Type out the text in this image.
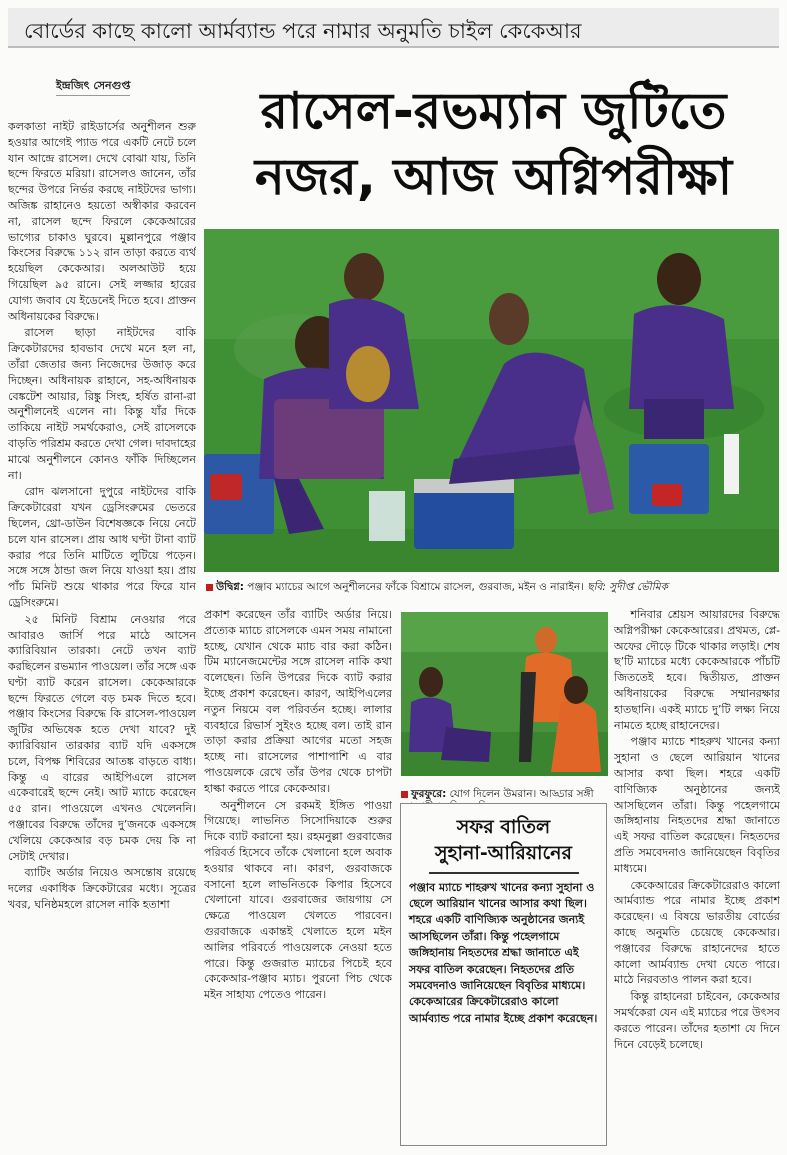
বোর্ডের কাছে কালো আর্মব্যান্ড পরে নামার অনুমতি চাইল কেকেআর
ইন্দ্রজিৎ সেনগুপ্ত	রাসেল-রভম্যান জুটিতে
নজর, আজ অগ্নিপরীক্ষা

কলকাতা নাইট রাইডার্সের অনুশীলন শুরু হওয়ার আগেই প্যাড পরে একটি নেটে চলে যান আন্দ্রে রাসেল। দেখে বোঝা যায়, তিনি ছন্দে ফিরতে মরিয়া। রাসেলও জানেন, তাঁর ছন্দের উপরে নির্ভর করছে নাইটদের ভাগ্য। অজিঙ্ক রাহানেও হয়তো অস্বীকার করবেন না, রাসেল ছন্দে ফিরলে কেকেআরের ভাগ্যের চাকাও ঘুরবে। মুল্লানপুরে পঞ্জাব কিংসের বিরুদ্ধে ১১২ রান তাড়া করতে ব্যর্থ হয়েছিল কেকেআর। অলআউট হয়ে গিয়েছিল ৯৫ রানে। সেই লজ্জার হারের যোগ্য জবাব যে ইডেনেই দিতে হবে। প্রাক্তন অধিনায়কের বিরুদ্ধে।

রাসেল ছাড়া নাইটদের বাকি ক্রিকেটারদের হাবভাব দেখে মনে হল না, তাঁরা জেতার জন্য নিজেদের উজাড় করে দিচ্ছেন। অধিনায়ক রাহানে, সহ-অধিনায়ক বেঙ্কটেশ আয়ার, রিঙ্কু সিংহ, হর্ষিত রানা-রা অনুশীলনেই এলেন না। কিন্তু যাঁর দিকে তাকিয়ে নাইট সমর্থকেরাও, সেই রাসেলকে বাড়তি পরিশ্রম করতে দেখা গেল। দাবদাহের মাঝে অনুশীলনে কোনও ফাঁকি দিচ্ছিলেন না।

রোদ ঝলসানো দুপুরে নাইটদের বাকি ক্রিকেটারেরা যখন ড্রেসিংরুমের ভেতরে ছিলেন, থ্রো-ডাউন বিশেষজ্ঞকে নিয়ে নেটে চলে যান রাসেল। প্রায় আধ ঘণ্টা টানা ব্যাট করার পরে তিনি মাটিতে লুটিয়ে পড়েন। সঙ্গে সঙ্গে ঠান্ডা জল নিয়ে যাওয়া হয়। প্রায় পাঁচ মিনিট শুয়ে থাকার পরে ফিরে যান ড্রেসিংরুমে।

২৫ মিনিট বিশ্রাম নেওয়ার পরে আবারও জার্সি পরে মাঠে আসেন ক্যারিবিয়ান তারকা। নেটে তখন ব্যাট করছিলেন রভম্যান পাওয়েল। তাঁর সঙ্গে এক ঘণ্টা ব্যাট করেন রাসেল। কেকেআরকে ছন্দে ফিরতে গেলে বড় চমক দিতে হবে। পঞ্জাব কিংসের বিরুদ্ধে কি রাসেল-পাওয়েল জুটির অভিষেক হতে দেখা যাবে? দুই ক্যারিবিয়ান তারকার ব্যাট যদি একসঙ্গে চলে, বিপক্ষ শিবিরের আতঙ্ক বাড়তে বাধ্য। কিন্তু এ বারের আইপিএলে রাসেল একেবারেই ছন্দে নেই। আট ম্যাচে করেছেন ৫৫ রান। পাওয়েলে এখনও খেলেননি। পঞ্জাবের বিরুদ্ধে তাঁদের দু’জনকে একসঙ্গে খেলিয়ে কেকেআর বড় চমক দেয় কি না সেটাই দেখার।

ব্যাটিং অর্ডার নিয়েও অসন্তোষ রয়েছে দলের একাধিক ক্রিকেটারের মধ্যে। সূত্রের খবর, ঘনিষ্ঠমহলে রাসেল নাকি হতাশা

উদ্বিগ্ন: পঞ্জাব ম্যাচের আগে অনুশীলনের ফাঁকে বিশ্রামে রাসেল, গুরবাজ, মইন ও নারাইন। ছবি: সুদীপ্ত ভৌমিক

প্রকাশ করেছেন তাঁর ব্যাটিং অর্ডার নিয়ে। প্রত্যেক ম্যাচে রাসেলকে এমন সময় নামানো হচ্ছে, যেখান থেকে ম্যাচ বার করা কঠিন। টিম ম্যানেজমেন্টের সঙ্গে রাসেল নাকি কথা বলেছেন। তিনি উপরের দিকে ব্যাট করার ইচ্ছে প্রকাশ করেছেন। কারণ, আইপিএলের নতুন নিয়মে বল পরিবর্তন হচ্ছে। লালার ব্যবহারে রিভার্স সুইংও হচ্ছে বল। তাই রান তাড়া করার প্রক্রিয়া আগের মতো সহজ হচ্ছে না। রাসেলের পাশাপাশি এ বার পাওয়েলকে রেখে তাঁর উপর থেকে চাপটা হাল্কা করতে পারে কেকেআর।

অনুশীলনে সে রকমই ইঙ্গিত পাওয়া গিয়েছে। লাভনিত সিসোদিয়াকে শুরুর দিকে ব্যাট করানো হয়। রহমনুল্লা গুরবাজের পরিবর্ত হিসেবে তাঁকে খেলানো হলে অবাক হওয়ার থাকবে না। কারণ, গুরবাজকে বসানো হলে লাভনিতকে কিপার হিসেবে খেলানো যাবে। গুরবাজের জায়গায় সে ক্ষেত্রে পাওয়েল খেলতে পারবেন। গুরবাজকে একান্তই খেলাতে হলে মইন আলির পরিবর্তে পাওয়েলকে নেওয়া হতে পারে। কিন্তু গুজরাত ম্যাচের পিচেই হবে কেকেআর-পঞ্জাব ম্যাচ। পুরনো পিচ থেকে মইন সাহায্য পেতেও পারেন।

ফুরফুরে: যোগ দিলেন উমরান। আড্ডার সঙ্গী
সফর বাতিল
সুহানা-আরিয়ানের
পঞ্জাব ম্যাচে শাহরুখ খানের কন্যা সুহানা ও ছেলে আরিয়ান খানের আসার কথা ছিল। শহরে একটি বাণিজ্যিক অনুষ্ঠানের জন্যই আসছিলেন তাঁরা। কিন্তু পহেলগামে জঙ্গিহানায় নিহতদের শ্রদ্ধা জানাতে এই সফর বাতিল করেছেন। নিহতদের প্রতি সমবেদনাও জানিয়েছেন বিবৃতির মাধ্যমে। কেকেআরের ক্রিকেটারেরাও কালো আর্মব্যান্ড পরে নামার ইচ্ছে প্রকাশ করেছেন।

শনিবার শ্রেয়স আয়ারদের বিরুদ্ধে অগ্নিপরীক্ষা কেকেআরের। প্রথমত, প্লে-অফের দৌড়ে টিকে থাকার লড়াই। শেষ ছ’টি ম্যাচের মধ্যে কেকেআরকে পাঁচটি জিততেই হবে। দ্বিতীয়ত, প্রাক্তন অধিনায়কের বিরুদ্ধে সম্মানরক্ষার হাতছানি। একই ম্যাচে দু’টি লক্ষ্য নিয়ে নামতে হচ্ছে রাহানেদের।

পঞ্জাব ম্যাচে শাহরুখ খানের কন্যা সুহানা ও ছেলে আরিয়ান খানের আসার কথা ছিল। শহরে একটি বাণিজ্যিক অনুষ্ঠানের জন্যই আসছিলেন তাঁরা। কিন্তু পহেলগামে জঙ্গিহানায় নিহতদের শ্রদ্ধা জানাতে এই সফর বাতিল করেছেন। নিহতদের প্রতি সমবেদনাও জানিয়েছেন বিবৃতির মাধ্যমে।

কেকেআরের ক্রিকেটারেরাও কালো আর্মব্যান্ড পরে নামার ইচ্ছে প্রকাশ করেছেন। এ বিষয়ে ভারতীয় বোর্ডের কাছে অনুমতি চেয়েছে কেকেআর। পঞ্জাবের বিরুদ্ধে রাহানেদের হাতে কালো আর্মব্যান্ড দেখা যেতে পারে। মাঠে নিরবতাও পালন করা হবে।

কিন্তু রাহানেরা চাইবেন, কেকেআর সমর্থকেরা যেন এই ম্যাচের পরে উৎসব করতে পারেন। তাঁদের হতাশা যে দিনে দিনে বেড়েই চলেছে।
